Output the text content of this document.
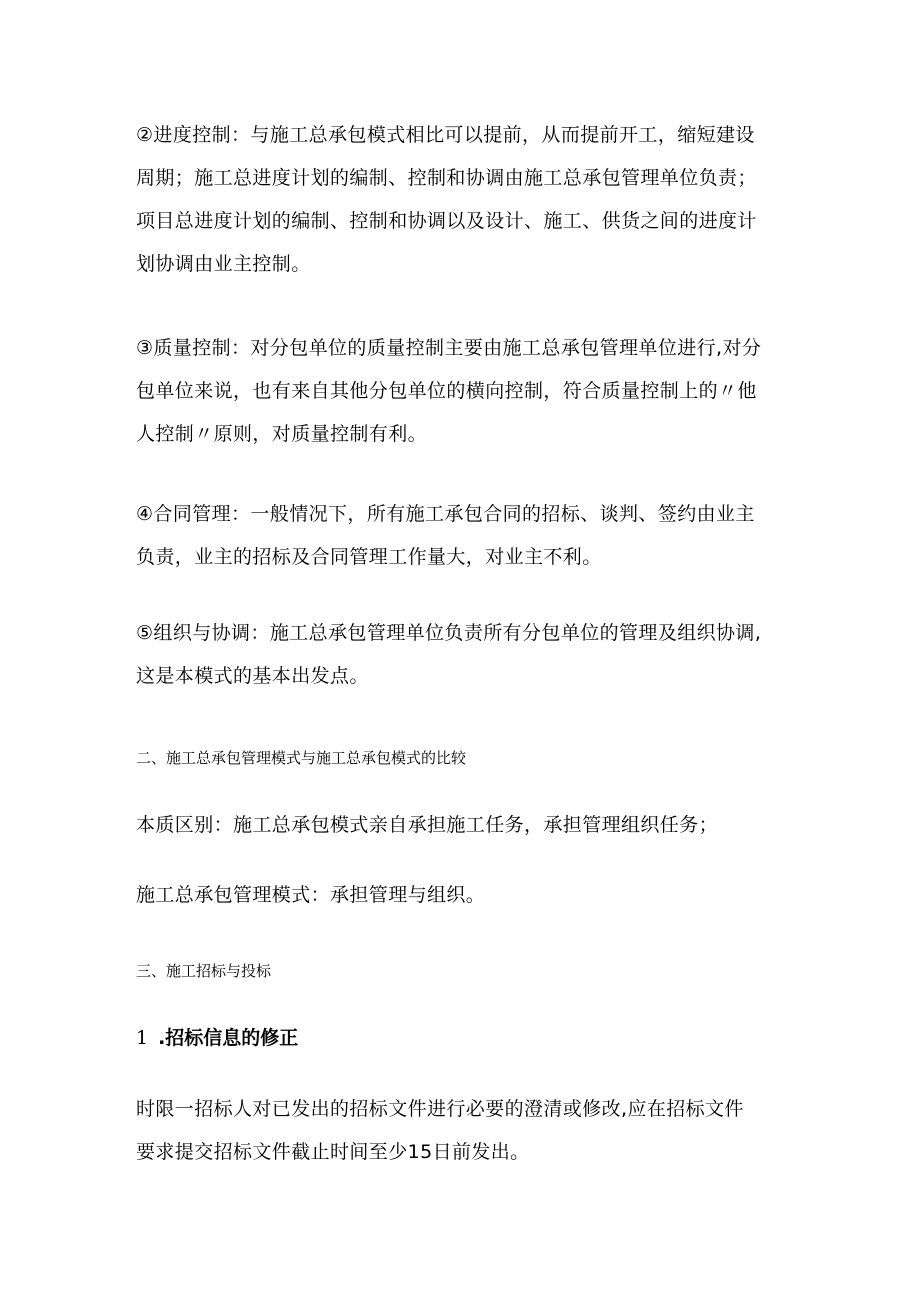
②进度控制：与施工总承包模式相比可以提前，从而提前开工，缩短建设
周期；施工总进度计划的编制、控制和协调由施工总承包管理单位负责；
项目总进度计划的编制、控制和协调以及设计、施工、供货之间的进度计
划协调由业主控制。
③质量控制：对分包单位的质量控制主要由施工总承包管理单位进行,对分
包单位来说，也有来自其他分包单位的横向控制，符合质量控制上的〃他
人控制〃原则，对质量控制有利。
④合同管理：一般情况下，所有施工承包合同的招标、谈判、签约由业主
负责，业主的招标及合同管理工作量大，对业主不利。
⑤组织与协调：施工总承包管理单位负责所有分包单位的管理及组织协调,
这是本模式的基本出发点。
二、施工总承包管理模式与施工总承包模式的比较
本质区别：施工总承包模式亲自承担施工任务，承担管理组织任务；
施工总承包管理模式：承担管理与组织。
三、施工招标与投标
1 .招标信息的修正
时限一招标人对已发出的招标文件进行必要的澄清或修改,应在招标文件
要求提交招标文件截止时间至少15日前发出。
